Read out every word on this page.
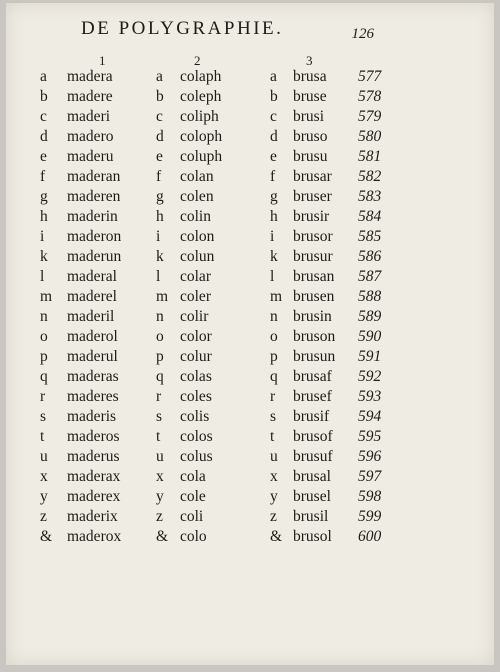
DE POLYGRAPHIE.	126
1	2	3
a madera	a colaph	a brusa 577
b madere	b coleph	b bruse 578
c maderi	c coliph	c brusi 579
d madero	d coloph	d bruso 580
e maderu	e coluph	e brusu 581
f maderan f colan	f brusar 582
g maderen g colen	g bruser 583
h maderin h colin	h brusir 584
i maderon i colon	i brusor 585
k maderun k colun	k brusur 586
l maderal	l colar	l brusan 587
m maderel	m coler	m brusen 588
n maderil	n colir	n brusin 589
o maderol o color	o bruson 590
p maderul p colur	p brusun 591
q maderas q colas	q brusaf 592
r maderes r coles	r brusef 593
s maderis	s colis	s brusif 594
t maderos t colos	t brusof 595
u maderus u colus	u brusuf 596
x maderax x cola	x brusal 597
y maderex y cole	y brusel 598
z maderix z coli	z brusil 599
& maderox & colo	& brusol 600
